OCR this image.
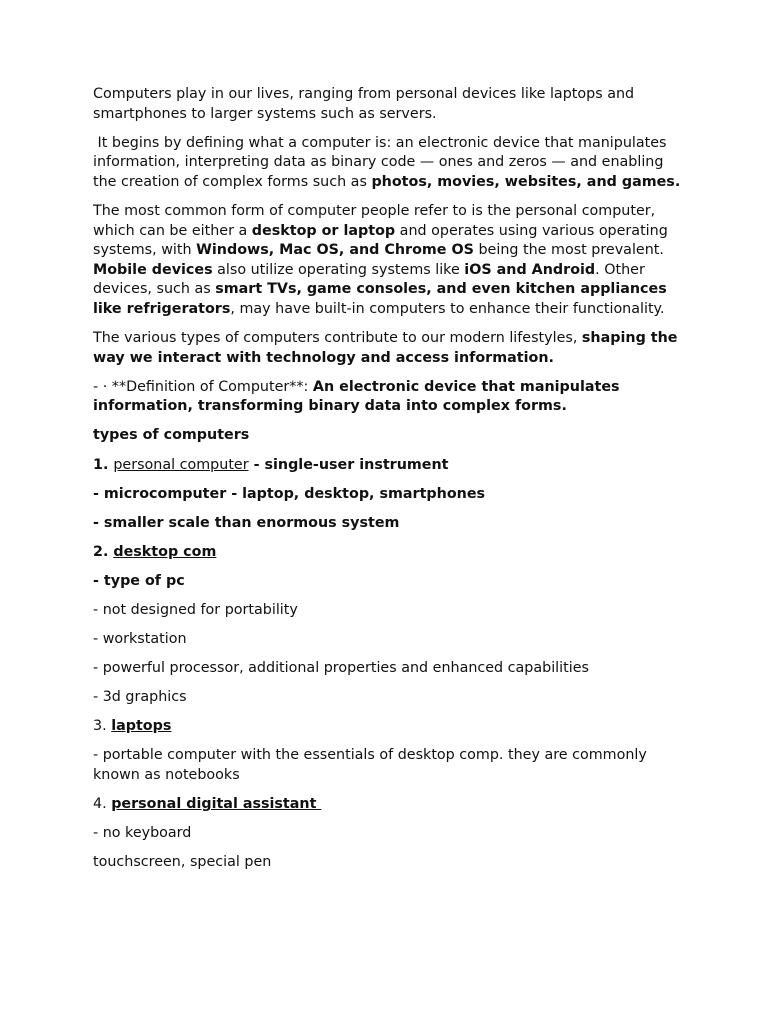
Computers play in our lives, ranging from personal devices like laptops and smartphones to larger systems such as servers.

It begins by defining what a computer is: an electronic device that manipulates information, interpreting data as binary code — ones and zeros — and enabling the creation of complex forms such as photos, movies, websites, and games.

The most common form of computer people refer to is the personal computer, which can be either a desktop or laptop and operates using various operating systems, with Windows, Mac OS, and Chrome OS being the most prevalent. Mobile devices also utilize operating systems like iOS and Android. Other devices, such as smart TVs, game consoles, and even kitchen appliances like refrigerators, may have built-in computers to enhance their functionality.

The various types of computers contribute to our modern lifestyles, shaping the way we interact with technology and access information.

- · **Definition of Computer**: An electronic device that manipulates information, transforming binary data into complex forms.

types of computers

1. personal computer - single-user instrument

- microcomputer - laptop, desktop, smartphones

- smaller scale than enormous system

2. desktop com

- type of pc

- not designed for portability

- workstation

- powerful processor, additional properties and enhanced capabilities

- 3d graphics

3. laptops

- portable computer with the essentials of desktop comp. they are commonly known as notebooks

4. personal digital assistant

- no keyboard

touchscreen, special pen
